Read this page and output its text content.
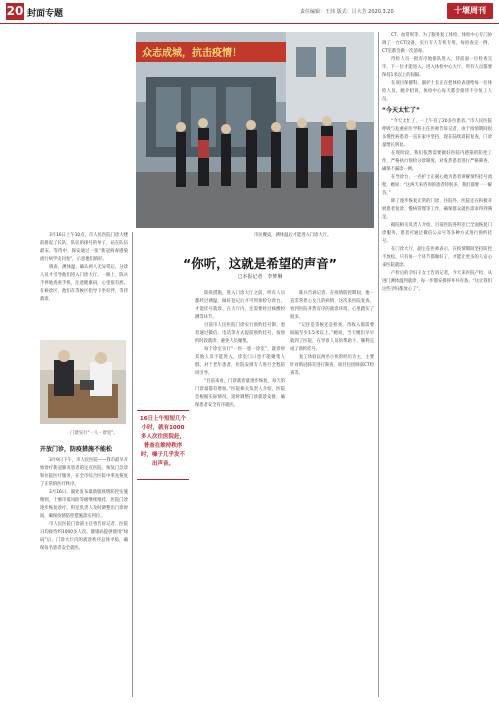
20 封面专题	责任编辑：王玮 版式：吕大芳 2020.3.20	十堰周刊
众志成城，抗击疫情！
市民餐桌，测体温后才能进入门诊大厅。
“你听，这就是希望的声音”
□本报记者　李梦琳

3月16日上午10点，市人民医院门诊大楼前排起了长队，队民的排号的单子，站在队伍最末。等待中，保安通过一张“新冠病毒感染流行病学史问卷”，示意他们填好。

填表、测体温、确认两人无异常后，分诊人员才引导他们进入门诊大厅。一路上，陈兵不停地查看手机，注意健康码，心里很有底。在候诊区，他们在等候区指导下坐好伴，等待就诊。

门诊实行“一人一诊室”。
开放门诊，防疫措施不能松

3月9日下午，市人民医院——我市最早开始诊疗新冠肺炎患者的定点医院，恢复门急诊和住院医疗服务，在全市综合医院中率先恢复了正常的医疗秩序。

3月16日，副处发布最新版疫情防控实施细则，十堰市低风险等级继续维持，医院门诊逐步恢复诊疗。科室负责人及时调整出门诊时间，确保疫情防控措施落实到位。

市人民医院门诊部主任曾告诉记者，医院日均接待约1000多人次，健康码提供使用“绿码”后，门诊大厅内的就诊秩序总体平稳，确保每名患者安全就医。

16日上午短短几个小时，就有1000多人次往医院赶，普查在维持秩序时，嗓子几乎发不出声音。

防疫措施，进入门诊大厅之前，所有人员都经过测温，做好登记后才可到预检分诊台，才能挂号就诊。在大厅内，还需要经过核酸检测等环节。

目前市人民医院门诊实行预约挂号制，患者通过微信、电话等方式提前预约挂号，按预约时段就诊，避免人员聚集。

每个诊室实行“一医一患一诊室”，就诊时其他人员不能进入，诊室门口也不能聚集人群。对于老年患者，医院安排专人进行全程陪同引导。

“目前来看，门诊就诊量逐步恢复，每天的门诊量都有增加。”医院相关负责人介绍，医院会根据实际情况，适时调整门诊就诊安排，确保患者安全有序就医。

陈兵告诉记者，在疫情防控期间，他一直非常担心女儿的病情，这次来医院复查，看到医院井然有序的就诊环境，心里踏实了很多。

“记住是等候还是检查，待收入都需要间隔至少1.5米以上。”她说，当天她们早早就到了医院，在导诊人员的帮助下，顺利完成了预约挂号。

复工体验以两名小伙的经历为主，主要针对新冠肺炎进行筛查，项目包括肺部CT检查等。

CT、血常规等，为了服务复工体检，体检中心专门协调了一台CT设备，实行专人专机专用，每检查完一例，CT室都会做一次消毒。

待检人员一批有序地排队进入，待前面一位检查完毕，下一位才能进入。进入体检中心大厅，所有人员都要保持1米以上的间隔。

在项目保健科，副护士长正在把体检表递给每一位体检人员，她介绍说，体检中心每天都会接待不少复工人员。

“今天太忙了”

“今天太忙了，一上午有了20多位患者。”市人民医院呼吸与危重症医学科主任医师告诉记者，由于疫情期间很多慢性病患者一直在家中坚持，现在陆续返院复查，门诊量增长明显。

在现阶段，我们依然需要做好医院内感染的防控工作，严格执行预检分诊制度，对发热患者进行严格筛查，确保不漏诊一例。

在导诊台，一名护士正耐心地为患者讲解预约挂号流程，她说：“这两天来咨询的患者特别多，我们都要一一解答。”

除了逐步恢复正常的门诊、住院外，医院还在积极开展患者复诊、慢病管理等工作，确保群众就医需求得到满足。

据院相关负责人介绍，目前医院各科室已全面恢复门诊服务，患者可通过微信公众号等多种方式进行预约挂号。

在门诊大厅，副主任医师表示，在疫情期间坚持防控不放松，只有每一个环节都做好了，才能让更多的人安心来医院就诊。

产检后的孕妇王女士告诉记者，今天来医院产检，从进门测体温到就诊，每一步都安排得井井有条，“这让我们这些孕妇都放心了”。
